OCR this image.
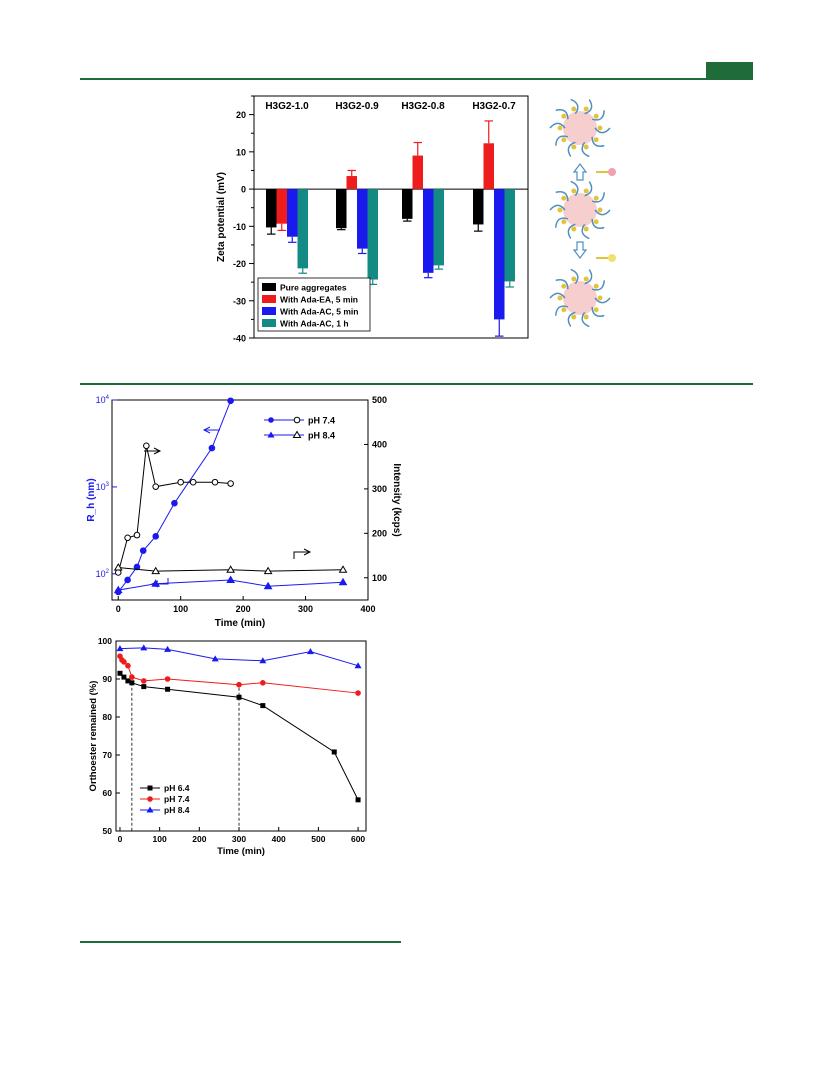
20
10
0
-10
-20
-30
-40
Zeta potential (mV)
H3G2-1.0	H3G2-0.9 H3G2-0.8	H3G2-0.7
Pure aggregates
With Ada-EA, 5 min
With Ada-AC, 5 min
With Ada-AC, 1 h
0	100	200	300	400
Time (min)
$10^2$
$10^3$
$10^4$
R_h (nm)
100
200
300
400
500
Intensity (kcps)
pH 7.4
pH 8.4
0	100	200	300	400	500	600
Time (min)
50
60
70
80
90
100
Orthoester remained (%)	pH 6.4
pH 7.4
pH 8.4
